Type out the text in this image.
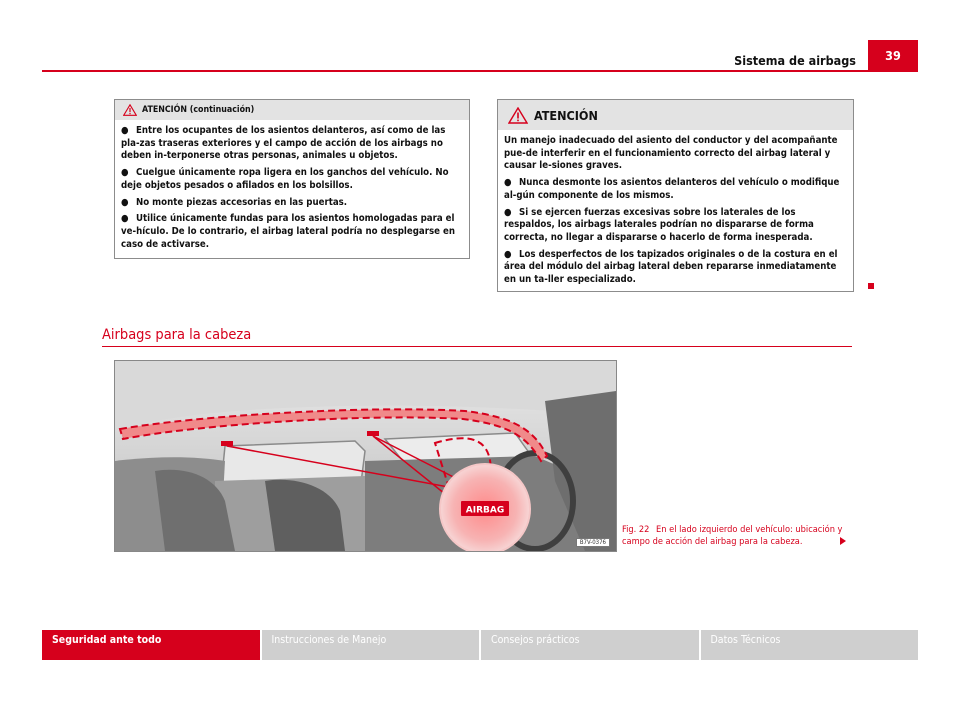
Sistema de airbags	39
ATENCIÓN (continuación)

● Entre los ocupantes de los asientos delanteros, así como de las pla-zas traseras exteriores y el campo de acción de los airbags no deben in-terponerse otras personas, animales u objetos.

● Cuelgue únicamente ropa ligera en los ganchos del vehículo. No deje objetos pesados o afilados en los bolsillos.

● No monte piezas accesorias en las puertas.

● Utilice únicamente fundas para los asientos homologadas para el ve-hículo. De lo contrario, el airbag lateral podría no desplegarse en caso de activarse.

ATENCIÓN

Un manejo inadecuado del asiento del conductor y del acompañante pue-de interferir en el funcionamiento correcto del airbag lateral y causar le-siones graves.

● Nunca desmonte los asientos delanteros del vehículo o modifique al-gún componente de los mismos.

● Si se ejercen fuerzas excesivas sobre los laterales de los respaldos, los airbags laterales podrían no dispararse de forma correcta, no llegar a dispararse o hacerlo de forma inesperada.

● Los desperfectos de los tapizados originales o de la costura en el área del módulo del airbag lateral deben repararse inmediatamente en un ta-ller especializado.

Airbags para la cabeza
AIRBAG
B7V-0376
Fig. 22 En el lado izquierdo del vehículo: ubicación y campo de acción del airbag para la cabeza.
Seguridad ante todo	Instrucciones de Manejo	Consejos prácticos	Datos Técnicos
